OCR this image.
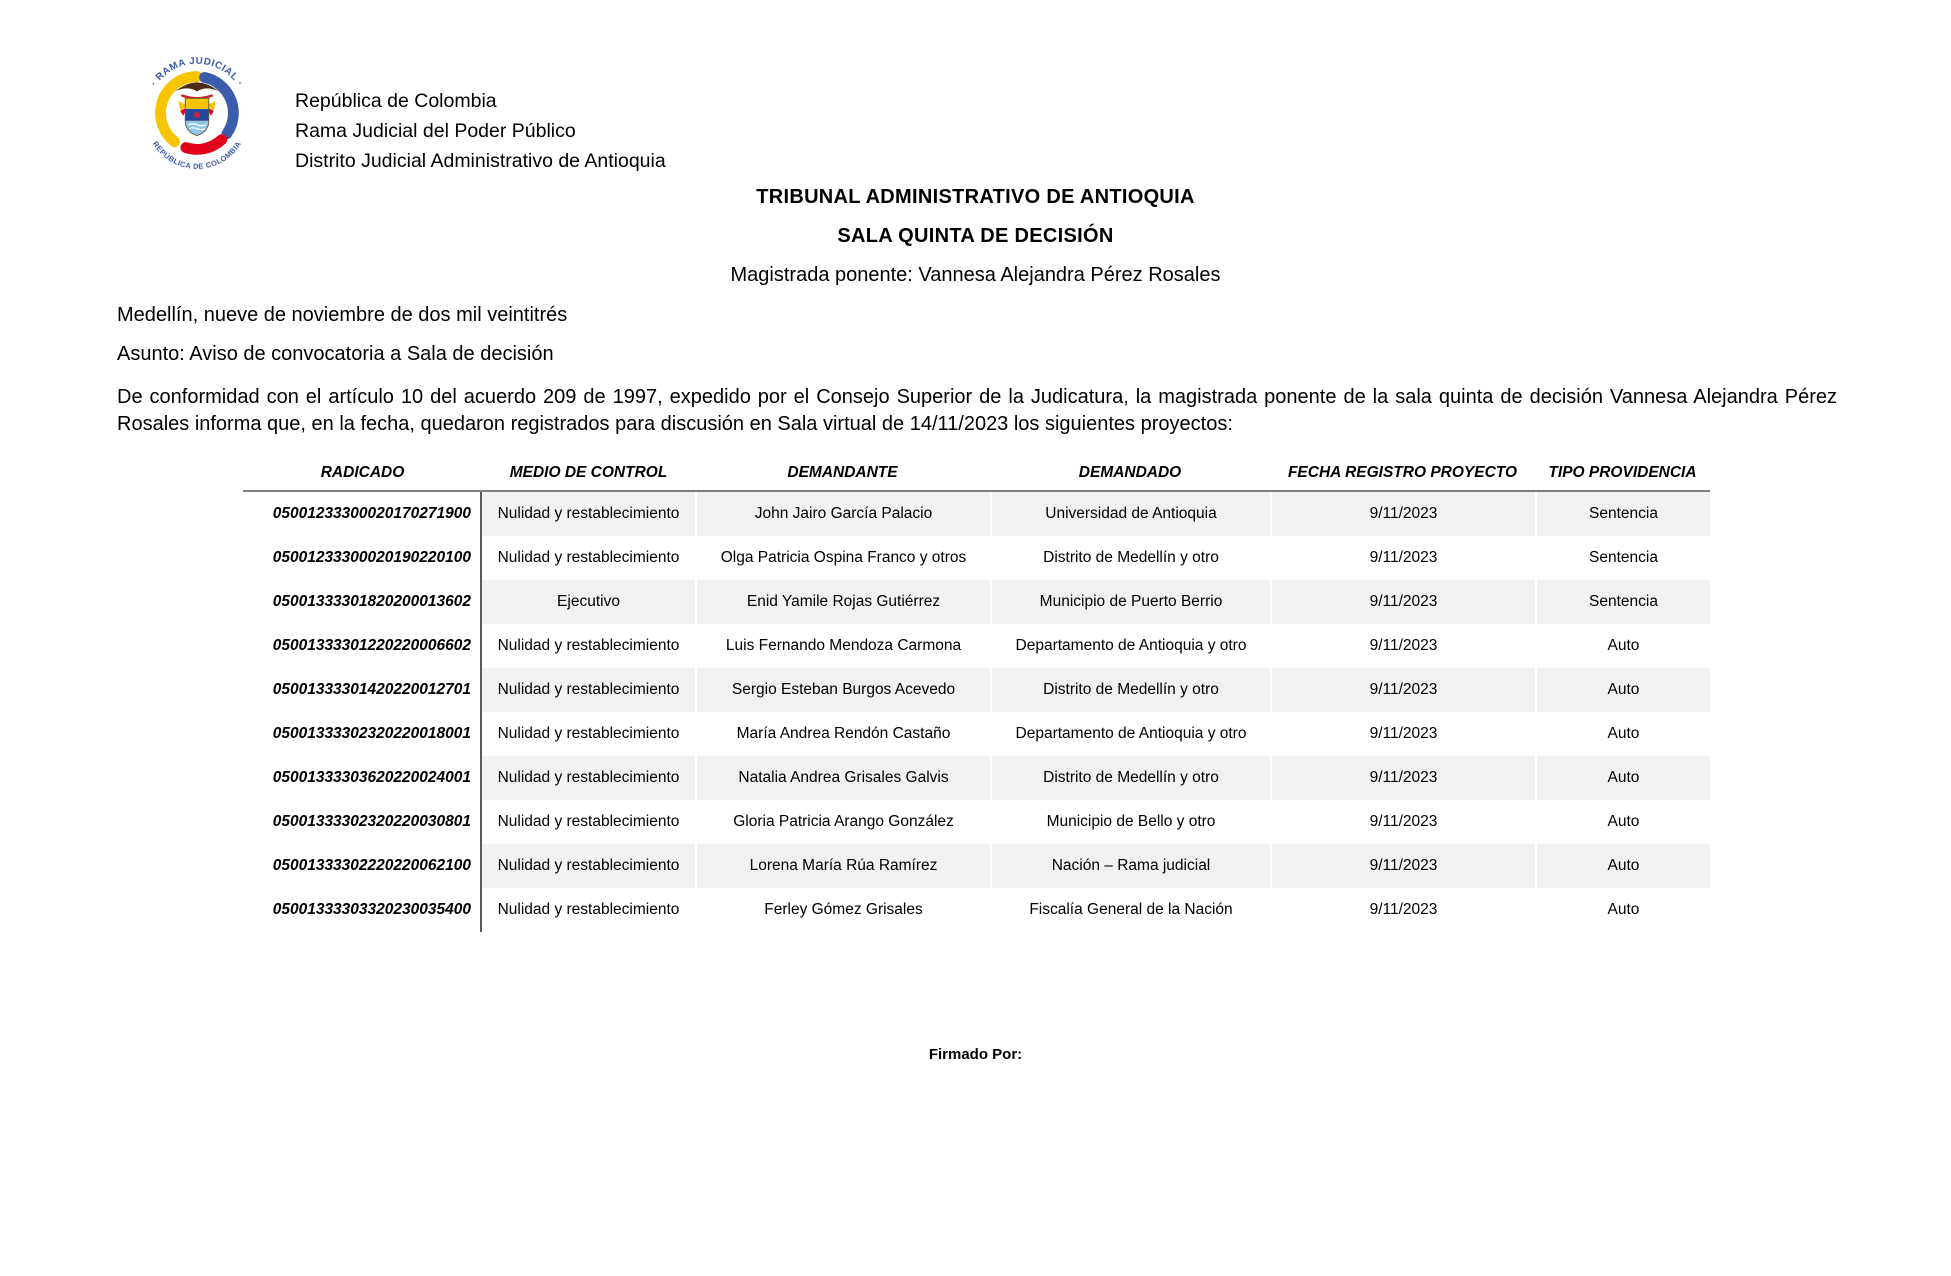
· RAMA JUDICIAL ·
REPÚBLICA DE COLOMBIA
República de Colombia
Rama Judicial del Poder Público
Distrito Judicial Administrativo de Antioquia
TRIBUNAL ADMINISTRATIVO DE ANTIOQUIA
SALA QUINTA DE DECISIÓN
Magistrada ponente: Vannesa Alejandra Pérez Rosales
Medellín, nueve de noviembre de dos mil veintitrés
Asunto: Aviso de convocatoria a Sala de decisión
De conformidad con el artículo 10 del acuerdo 209 de 1997, expedido por el Consejo Superior de la Judicatura, la magistrada ponente de la sala quinta de decisión Vannesa Alejandra Pérez Rosales informa que, en la fecha, quedaron registrados para discusión en Sala virtual de 14/11/2023 los siguientes proyectos:
RADICADO	MEDIO DE CONTROL	DEMANDANTE	DEMANDADO	FECHA REGISTRO PROYECTO	TIPO PROVIDENCIA
05001233300020170271900	Nulidad y restablecimiento	John Jairo García Palacio	Universidad de Antioquia	9/11/2023	Sentencia
05001233300020190220100	Nulidad y restablecimiento	Olga Patricia Ospina Franco y otros	Distrito de Medellín y otro	9/11/2023	Sentencia
05001333301820200013602	Ejecutivo	Enid Yamile Rojas Gutiérrez	Municipio de Puerto Berrio	9/11/2023	Sentencia
05001333301220220006602	Nulidad y restablecimiento	Luis Fernando Mendoza Carmona	Departamento de Antioquia y otro	9/11/2023	Auto
05001333301420220012701	Nulidad y restablecimiento	Sergio Esteban Burgos Acevedo	Distrito de Medellín y otro	9/11/2023	Auto
05001333302320220018001	Nulidad y restablecimiento	María Andrea Rendón Castaño	Departamento de Antioquia y otro	9/11/2023	Auto
05001333303620220024001	Nulidad y restablecimiento	Natalia Andrea Grisales Galvis	Distrito de Medellín y otro	9/11/2023	Auto
05001333302320220030801	Nulidad y restablecimiento	Gloria Patricia Arango González	Municipio de Bello y otro	9/11/2023	Auto
05001333302220220062100	Nulidad y restablecimiento	Lorena María Rúa Ramírez	Nación – Rama judicial	9/11/2023	Auto
05001333303320230035400	Nulidad y restablecimiento	Ferley Gómez Grisales	Fiscalía General de la Nación	9/11/2023	Auto
Firmado Por:
